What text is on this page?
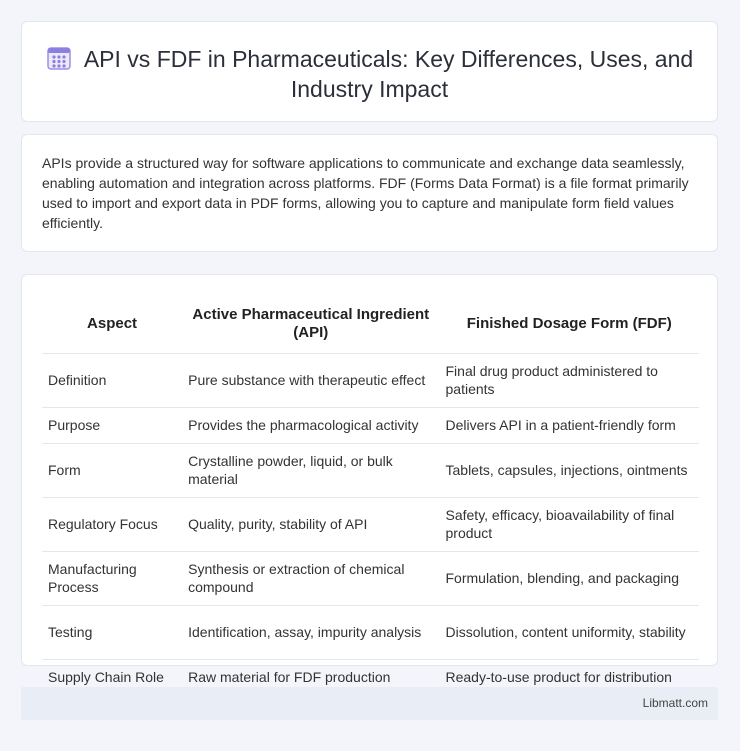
API vs FDF in Pharmaceuticals: Key Differences, Uses, and Industry Impact
APIs provide a structured way for software applications to communicate and exchange data seamlessly, enabling automation and integration across platforms. FDF (Forms Data Format) is a file format primarily used to import and export data in PDF forms, allowing you to capture and manipulate form field values efficiently.
Aspect	Active Pharmaceutical Ingredient (API)	Finished Dosage Form (FDF)
Definition	Pure substance with therapeutic effect	Final drug product administered to patients
Purpose	Provides the pharmacological activity	Delivers API in a patient-friendly form
Form	Crystalline powder, liquid, or bulk material	Tablets, capsules, injections, ointments
Regulatory Focus	Quality, purity, stability of API	Safety, efficacy, bioavailability of final product
Manufacturing Process	Synthesis or extraction of chemical compound	Formulation, blending, and packaging
Testing	Identification, assay, impurity analysis	Dissolution, content uniformity, stability
Supply Chain Role	Raw material for FDF production	Ready-to-use product for distribution
Libmatt.com
